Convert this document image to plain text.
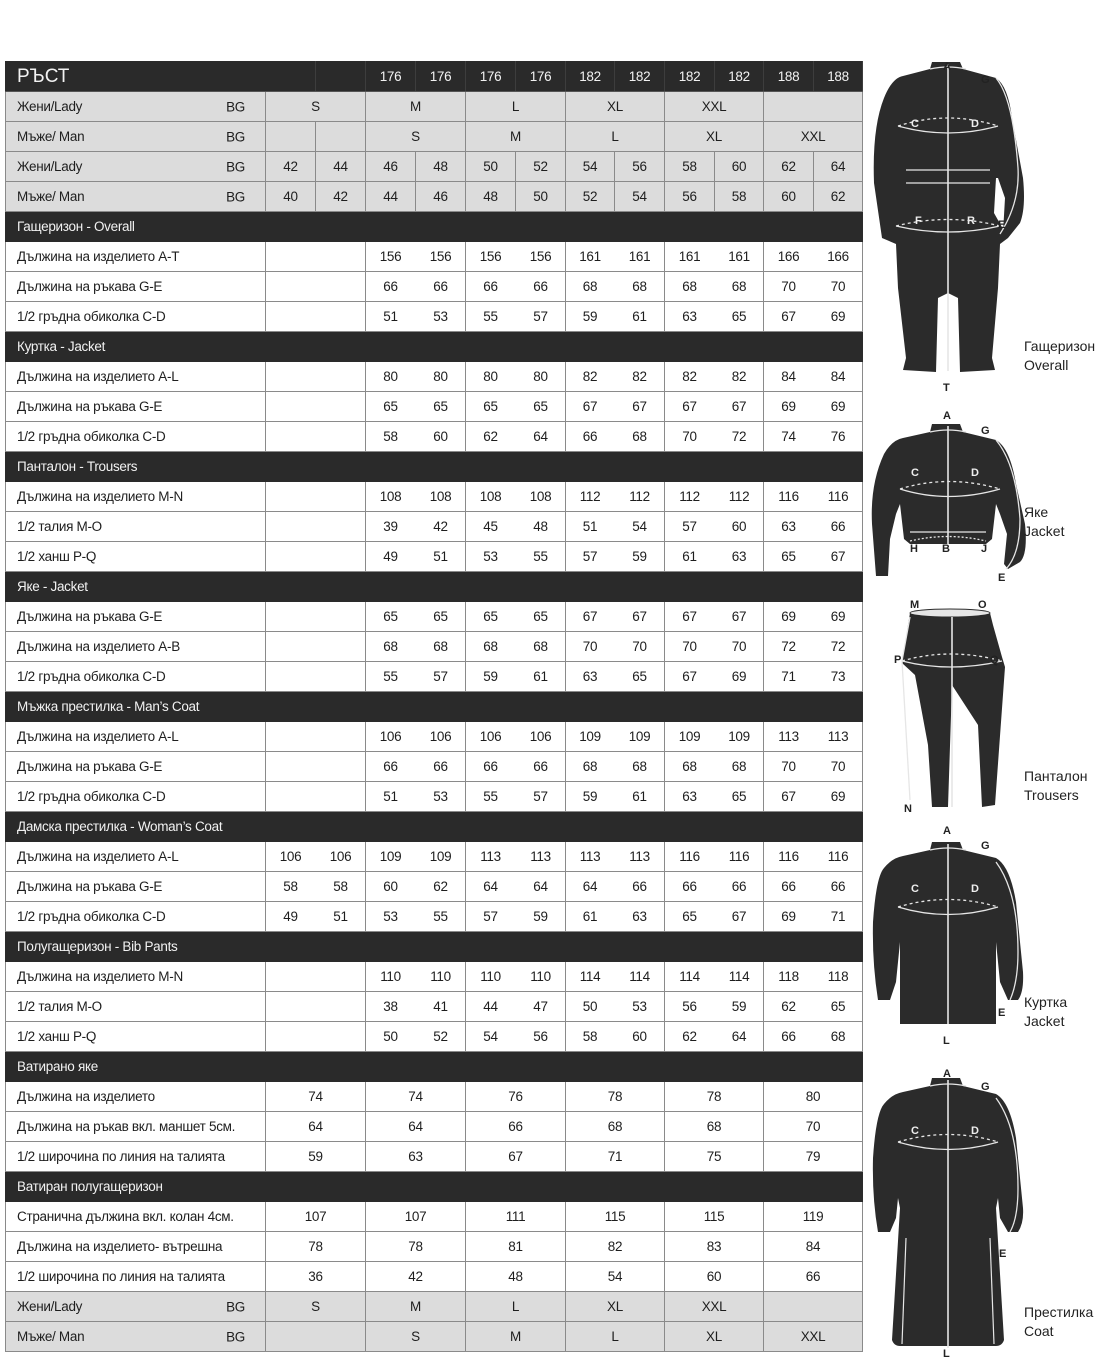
РЪСТ			176	176	176	176	182	182	182	182	188	188
Жени/Lady BG	S		M		L		XL		XXL			
Мъже/ Man BG			S		M		L		XL		XXL	
Жени/Lady BG	42	44	46	48	50	52	54	56	58	60	62	64
Мъже/ Man BG	40	42	44	46	48	50	52	54	56	58	60	62
Гащеризон - Overall												
Дължина на изделието A-T			156	156	156	156	161	161	161	161	166	166
Дължина на ръкава G-E			66	66	66	66	68	68	68	68	70	70
1/2 гръдна обиколка C-D			51	53	55	57	59	61	63	65	67	69
Куртка - Jacket												
Дължина на изделието A-L			80	80	80	80	82	82	82	82	84	84
Дължина на ръкава G-E			65	65	65	65	67	67	67	67	69	69
1/2 гръдна обиколка C-D			58	60	62	64	66	68	70	72	74	76
Панталон - Trousers												
Дължина на изделието M-N			108	108	108	108	112	112	112	112	116	116
1/2 талия M-O			39	42	45	48	51	54	57	60	63	66
1/2 ханш P-Q			49	51	53	55	57	59	61	63	65	67
Яке - Jacket												
Дължина на ръкава G-E			65	65	65	65	67	67	67	67	69	69
Дължина на изделието A-B			68	68	68	68	70	70	70	70	72	72
1/2 гръдна обиколка C-D			55	57	59	61	63	65	67	69	71	73
Мъжка престилка - Man’s Coat												
Дължина на изделието A-L			106	106	106	106	109	109	109	109	113	113
Дължина на ръкава G-E			66	66	66	66	68	68	68	68	70	70
1/2 гръдна обиколка C-D			51	53	55	57	59	61	63	65	67	69
Дамска престилка - Woman’s Coat												
Дължина на изделието A-L	106	106	109	109	113	113	113	113	116	116	116	116
Дължина на ръкава G-E	58	58	60	62	64	64	64	66	66	66	66	66
1/2 гръдна обиколка C-D	49	51	53	55	57	59	61	63	65	67	69	71
Полугащеризон - Bib Pants												
Дължина на изделието M-N			110	110	110	110	114	114	114	114	118	118
1/2 талия M-O			38	41	44	47	50	53	56	59	62	65
1/2 ханш P-Q			50	52	54	56	58	60	62	64	66	68
Ватирано яке												
Дължина на изделието	74		74		76		78		78		80	
Дължина на ръкав вкл. маншет 5см.	64		64		66		68		68		70	
1/2 широчина по линия на талията	59		63		67		71		75		79	
Ватиран полугащеризон												
Странична дължина вкл. колан 4см.	107		107		111		115		115		119	
Дължина на изделието- вътрешна	78		78		81		82		83		84	
1/2 широчина по линия на талията	36		42		48		54		60		66	
Жени/Lady BG	S		M		L		XL		XXL			
Мъже/ Man BG			S		M		L		XL		XXL	
A
G
C	D
F	R E
T
Гащеризон
Overall
A
G
C	D
H B	J
E
Яке
Jacket
M	O
P	Q
N
Панталон
Trousers
A
G
C	D
E
L
Куртка
Jacket
A
G
C	D
E
L
Престилка
Coat
